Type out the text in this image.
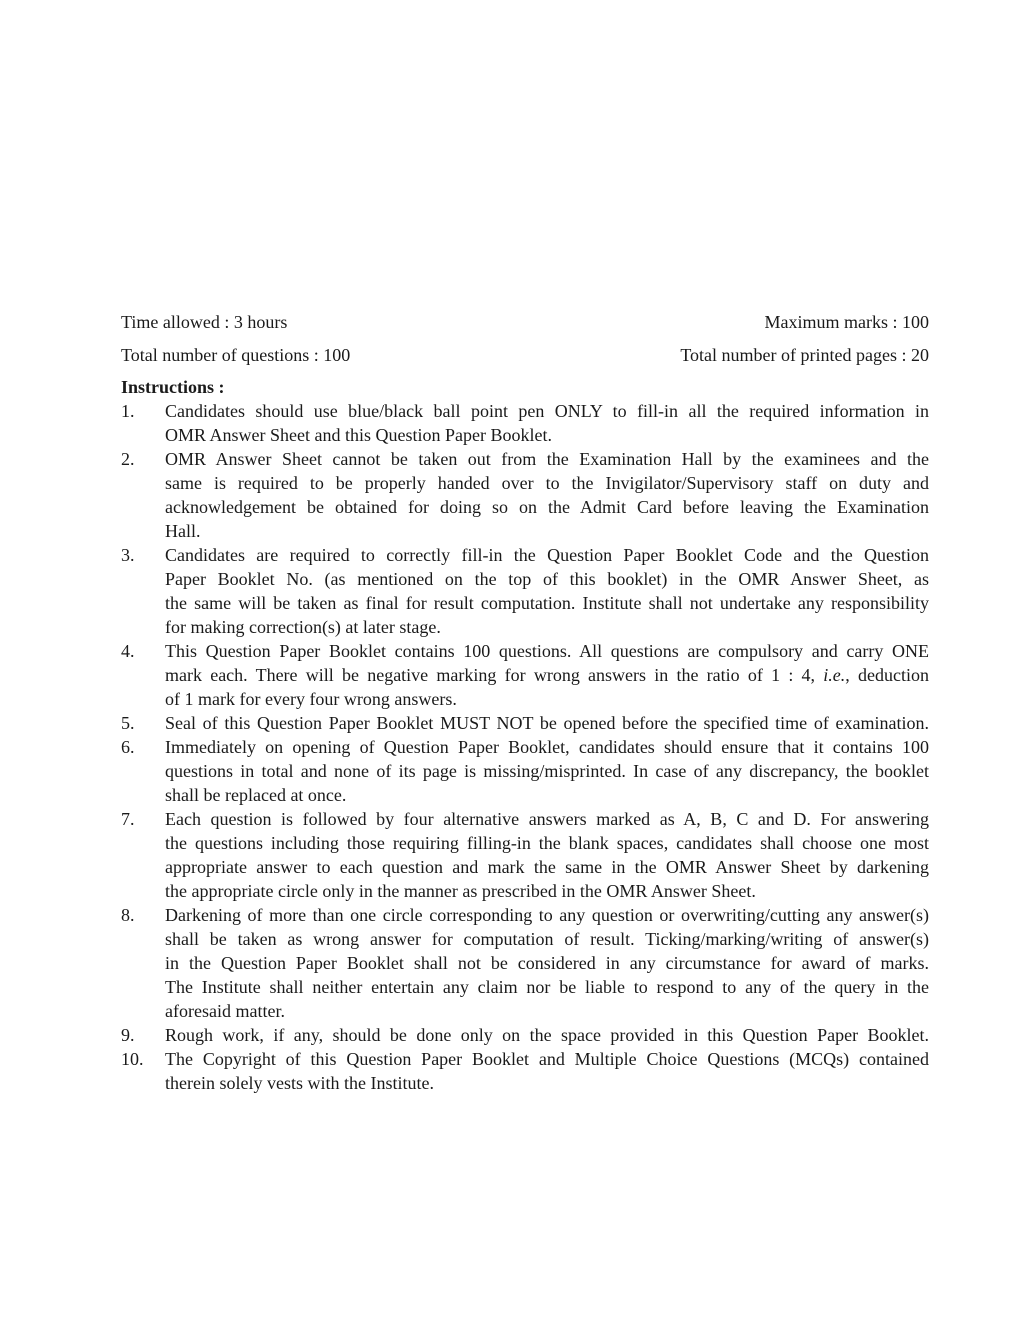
Time allowed : 3 hours	Maximum marks : 100
Total number of questions : 100	Total number of printed pages : 20
Instructions :
1. Candidates should use blue/black ball point pen ONLY to fill-in all the required information in
OMR Answer Sheet and this Question Paper Booklet.
2. OMR Answer Sheet cannot be taken out from the Examination Hall by the examinees and the
same is required to be properly handed over to the Invigilator/Supervisory staff on duty and
acknowledgement be obtained for doing so on the Admit Card before leaving the Examination
Hall.
3. Candidates are required to correctly fill-in the Question Paper Booklet Code and the Question
Paper Booklet No. (as mentioned on the top of this booklet) in the OMR Answer Sheet, as
the same will be taken as final for result computation. Institute shall not undertake any responsibility
for making correction(s) at later stage.
4. This Question Paper Booklet contains 100 questions. All questions are compulsory and carry ONE
mark each. There will be negative marking for wrong answers in the ratio of 1 : 4, i.e., deduction
of 1 mark for every four wrong answers.
5. Seal of this Question Paper Booklet MUST NOT be opened before the specified time of examination.
6. Immediately on opening of Question Paper Booklet, candidates should ensure that it contains 100
questions in total and none of its page is missing/misprinted. In case of any discrepancy, the booklet
shall be replaced at once.
7. Each question is followed by four alternative answers marked as A, B, C and D. For answering
the questions including those requiring filling-in the blank spaces, candidates shall choose one most
appropriate answer to each question and mark the same in the OMR Answer Sheet by darkening
the appropriate circle only in the manner as prescribed in the OMR Answer Sheet.
8. Darkening of more than one circle corresponding to any question or overwriting/cutting any answer(s)
shall be taken as wrong answer for computation of result. Ticking/marking/writing of answer(s)
in the Question Paper Booklet shall not be considered in any circumstance for award of marks.
The Institute shall neither entertain any claim nor be liable to respond to any of the query in the
aforesaid matter.
9. Rough work, if any, should be done only on the space provided in this Question Paper Booklet.
10. The Copyright of this Question Paper Booklet and Multiple Choice Questions (MCQs) contained
therein solely vests with the Institute.
